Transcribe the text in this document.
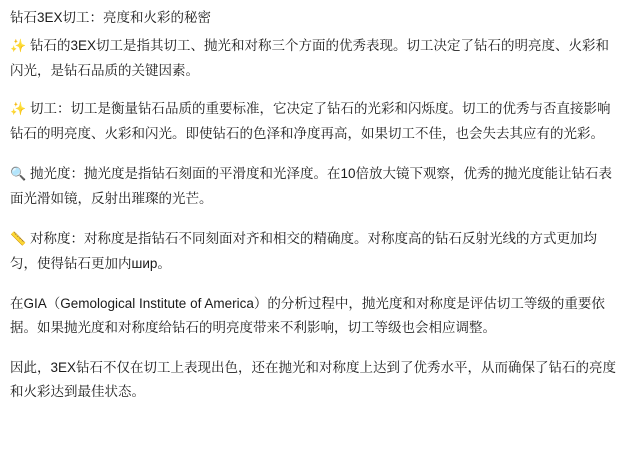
钻石3EX切工：亮度和火彩的秘密

✨ 钻石的3EX切工是指其切工、抛光和对称三个方面的优秀表现。切工决定了钻石的明亮度、火彩和闪光，是钻石品质的关键因素。

✨ 切工：切工是衡量钻石品质的重要标准，它决定了钻石的光彩和闪烁度。切工的优秀与否直接影响钻石的明亮度、火彩和闪光。即使钻石的色泽和净度再高，如果切工不佳，也会失去其应有的光彩。

🔍 抛光度：抛光度是指钻石刻面的平滑度和光泽度。在10倍放大镜下观察，优秀的抛光度能让钻石表面光滑如镜，反射出璀璨的光芒。

📏 对称度：对称度是指钻石不同刻面对齐和相交的精确度。对称度高的钻石反射光线的方式更加均匀，使得钻石更加内шир。

在GIA（Gemological Institute of America）的分析过程中，抛光度和对称度是评估切工等级的重要依据。如果抛光度和对称度给钻石的明亮度带来不利影响，切工等级也会相应调整。

因此，3EX钻石不仅在切工上表现出色，还在抛光和对称度上达到了优秀水平，从而确保了钻石的亮度和火彩达到最佳状态。
